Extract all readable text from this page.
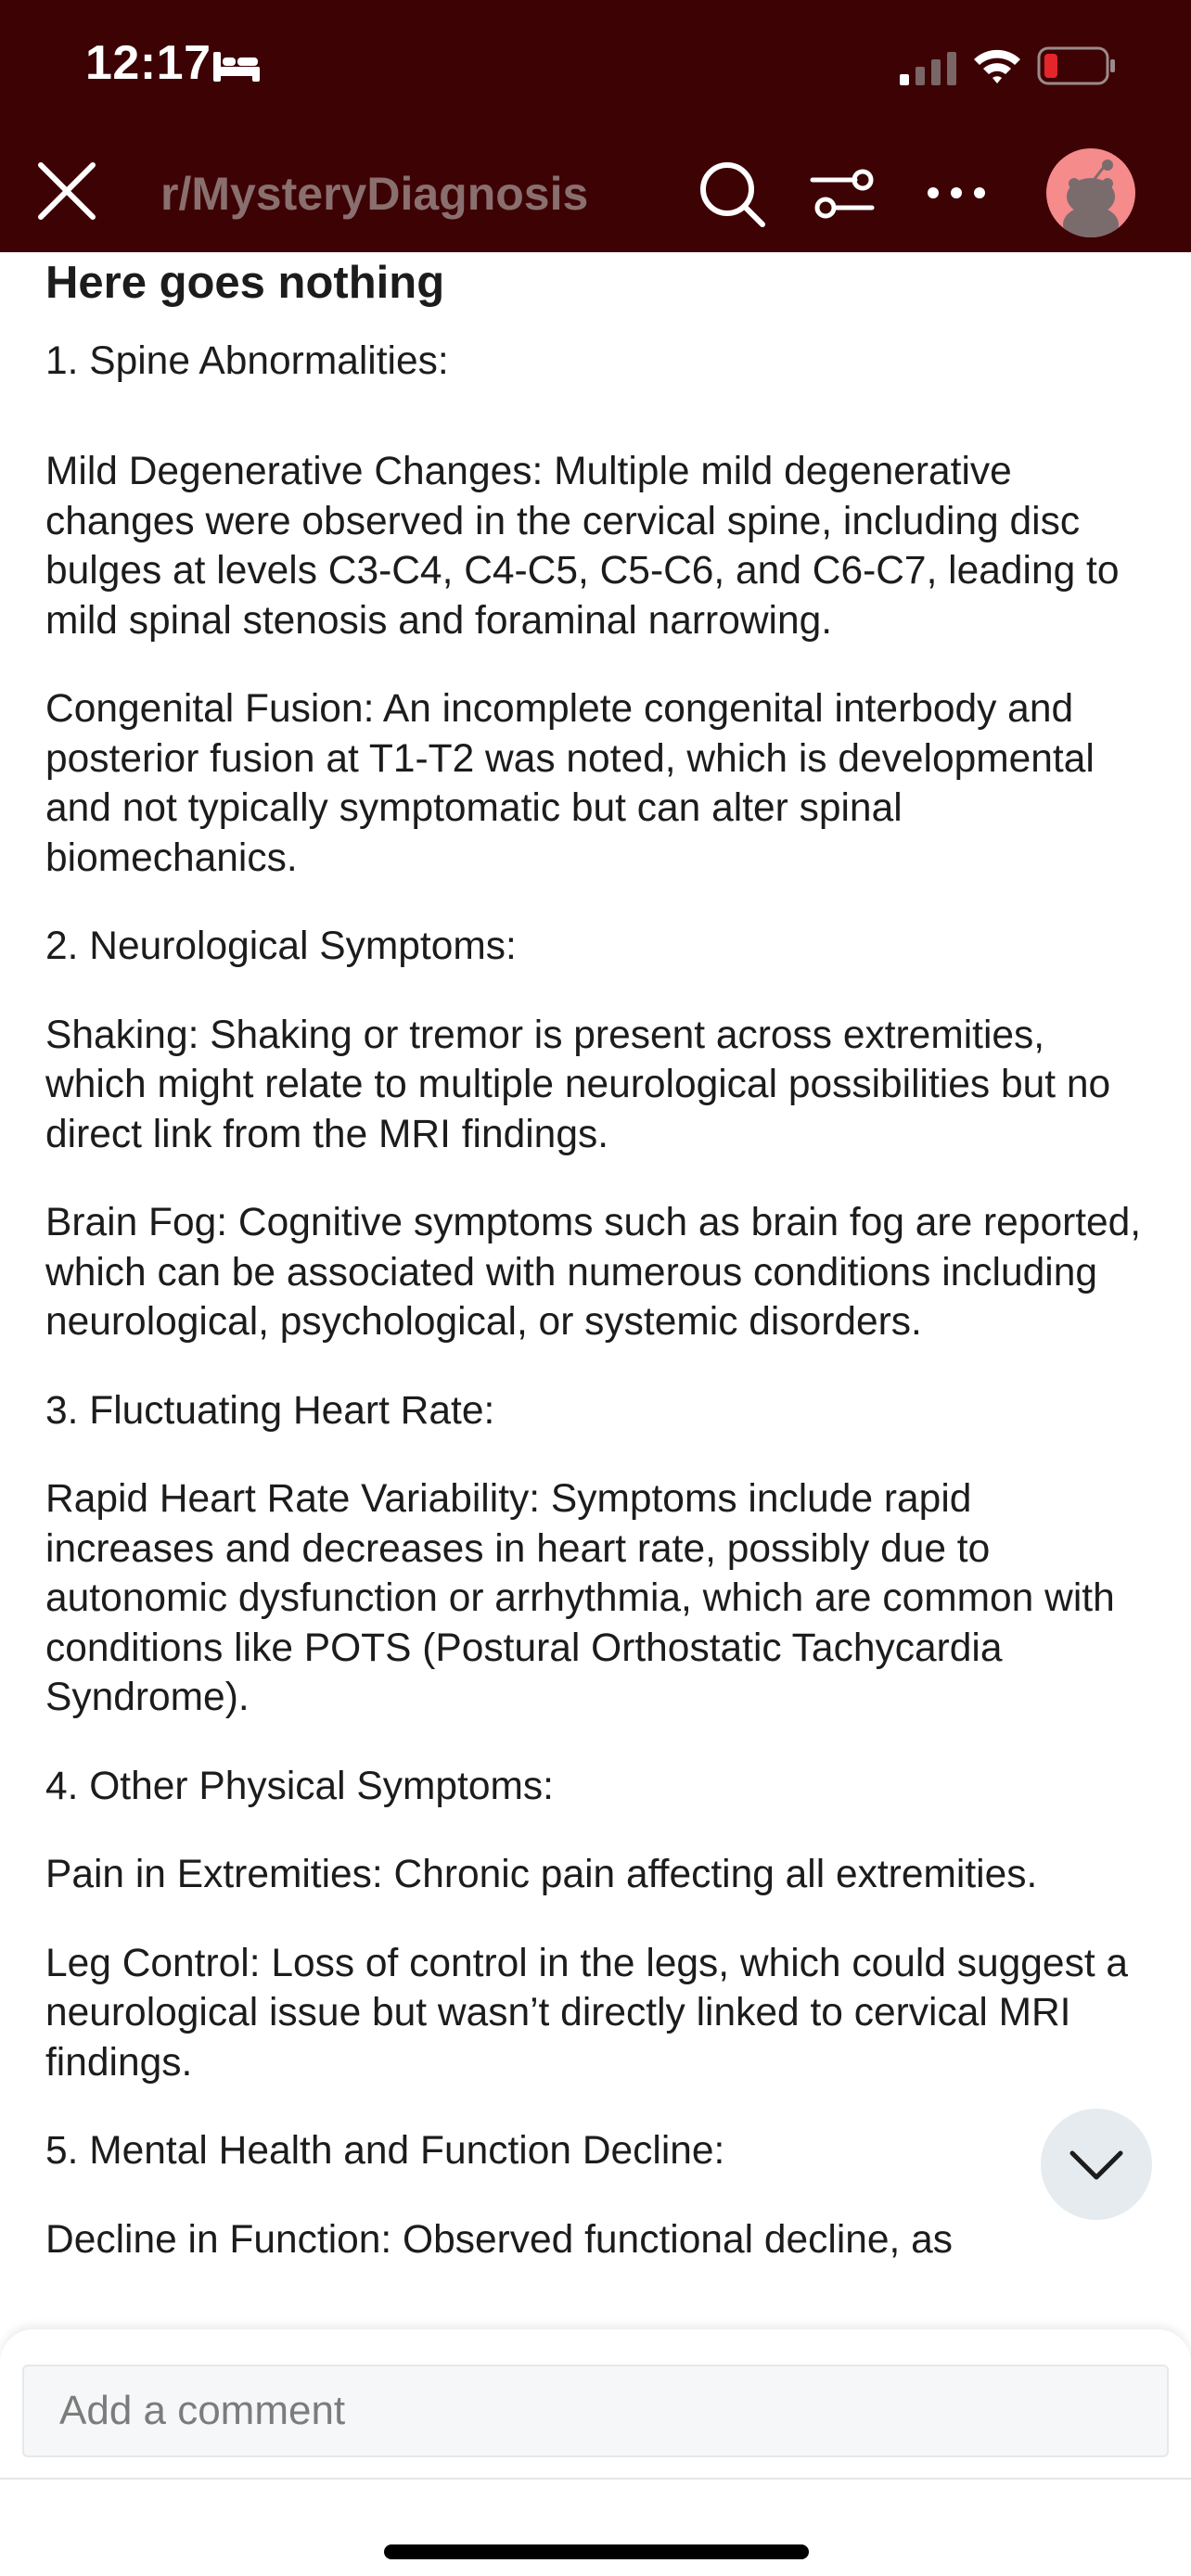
12:17
r/MysteryDiagnosis
Here goes nothing

1. Spine Abnormalities:

Mild Degenerative Changes: Multiple mild degenerative changes were observed in the cervical spine, including disc bulges at levels C3-C4, C4-C5, C5-C6, and C6-C7, leading to mild spinal stenosis and foraminal narrowing.

Congenital Fusion: An incomplete congenital interbody and posterior fusion at T1-T2 was noted, which is developmental and not typically symptomatic but can alter spinal biomechanics.

2. Neurological Symptoms:

Shaking: Shaking or tremor is present across extremities, which might relate to multiple neurological possibilities but no direct link from the MRI findings.

Brain Fog: Cognitive symptoms such as brain fog are reported, which can be associated with numerous conditions including neurological, psychological, or systemic disorders.

3. Fluctuating Heart Rate:

Rapid Heart Rate Variability: Symptoms include rapid increases and decreases in heart rate, possibly due to autonomic dysfunction or arrhythmia, which are common with conditions like POTS (Postural Orthostatic Tachycardia Syndrome).

4. Other Physical Symptoms:

Pain in Extremities: Chronic pain affecting all extremities.

Leg Control: Loss of control in the legs, which could suggest a neurological issue but wasn’t directly linked to cervical MRI findings.

5. Mental Health and Function Decline:

Decline in Function: Observed functional decline, as

Add a comment
